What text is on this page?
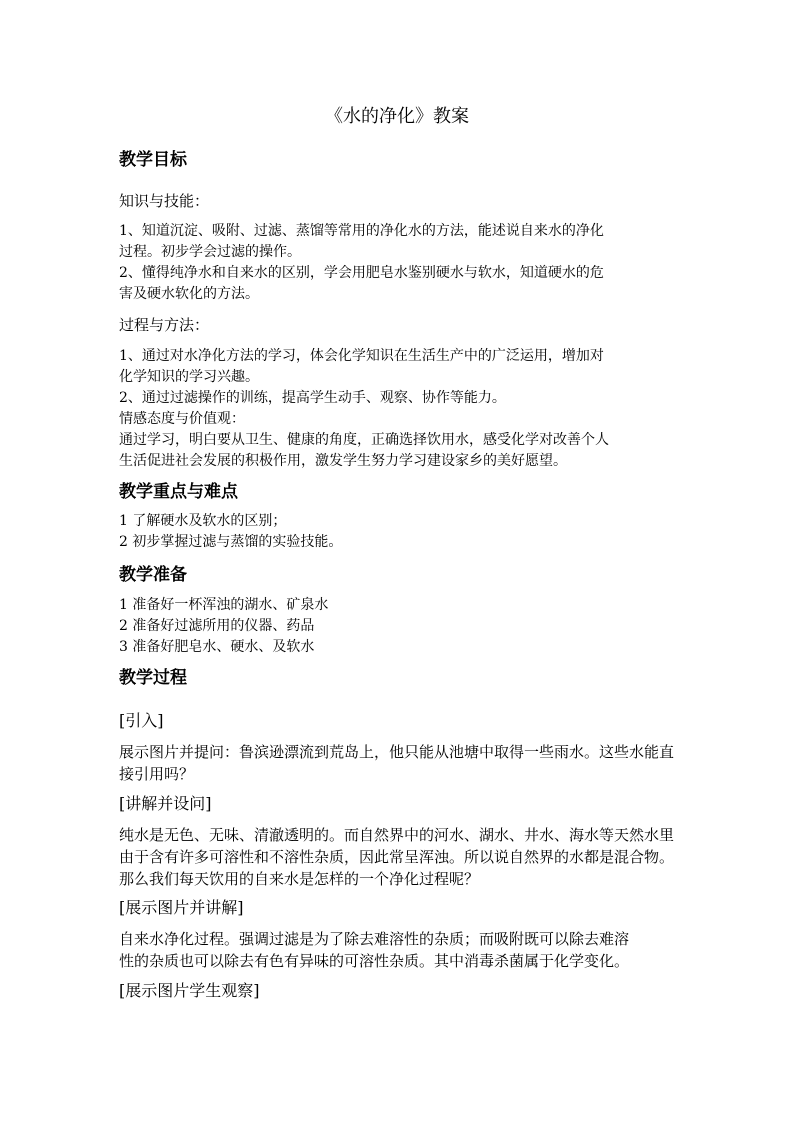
《水的净化》教案
教学目标
知识与技能：
1、知道沉淀、吸附、过滤、蒸馏等常用的净化水的方法，能述说自来水的净化
过程。初步学会过滤的操作。
2、懂得纯净水和自来水的区别，学会用肥皂水鉴别硬水与软水，知道硬水的危
害及硬水软化的方法。
过程与方法：
1、通过对水净化方法的学习，体会化学知识在生活生产中的广泛运用，增加对
化学知识的学习兴趣。
2、通过过滤操作的训练，提高学生动手、观察、协作等能力。
情感态度与价值观：
通过学习，明白要从卫生、健康的角度，正确选择饮用水，感受化学对改善个人
生活促进社会发展的积极作用，激发学生努力学习建设家乡的美好愿望。
教学重点与难点
1 了解硬水及软水的区别；
2 初步掌握过滤与蒸馏的实验技能。
教学准备
1 准备好一杯浑浊的湖水、矿泉水
2 准备好过滤所用的仪器、药品
3 准备好肥皂水、硬水、及软水
教学过程
[引入]
展示图片并提问：鲁滨逊漂流到荒岛上，他只能从池塘中取得一些雨水。这些水能直
接引用吗？
[讲解并设问]
纯水是无色、无味、清澈透明的。而自然界中的河水、湖水、井水、海水等天然水里
由于含有许多可溶性和不溶性杂质，因此常呈浑浊。所以说自然界的水都是混合物。
那么我们每天饮用的自来水是怎样的一个净化过程呢？
[展示图片并讲解]
自来水净化过程。强调过滤是为了除去难溶性的杂质；而吸附既可以除去难溶
性的杂质也可以除去有色有异味的可溶性杂质。其中消毒杀菌属于化学变化。
[展示图片学生观察]
